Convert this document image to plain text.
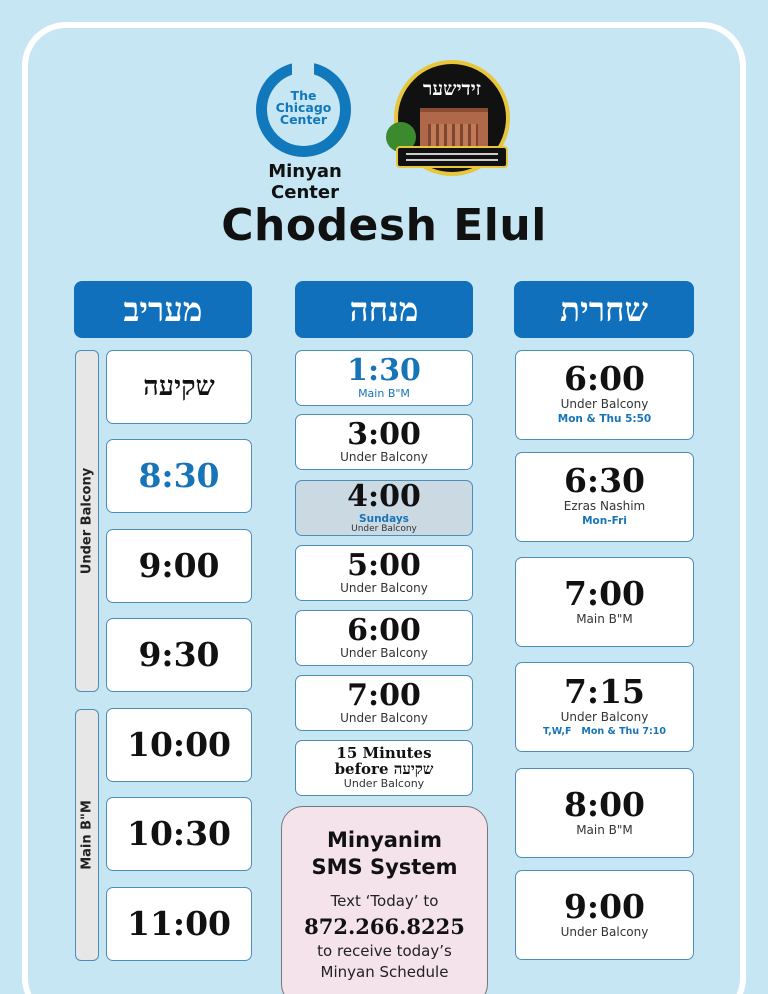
The
Chicago
Center
Minyan Center
זידישער
Chodesh Elul
מעריב	מנחה	שחרית
Under Balcony
Main B"M
שקיעה
8:30
9:00
9:30
10:00
10:30
11:00
1:30
Main B"M
3:00
Under Balcony
4:00
Sundays
Under Balcony
5:00
Under Balcony
6:00
Under Balcony
7:00
Under Balcony
15 Minutes
before שקיעה
Under Balcony
Minyanim
SMS System
Text ‘Today’ to
872.266.8225
to receive today’s
Minyan Schedule
6:00
Under Balcony
Mon & Thu 5:50
6:30
Ezras Nashim
Mon-Fri
7:00
Main B"M
7:15
Under Balcony
T,W,F   Mon & Thu 7:10
8:00
Main B"M
9:00
Under Balcony
